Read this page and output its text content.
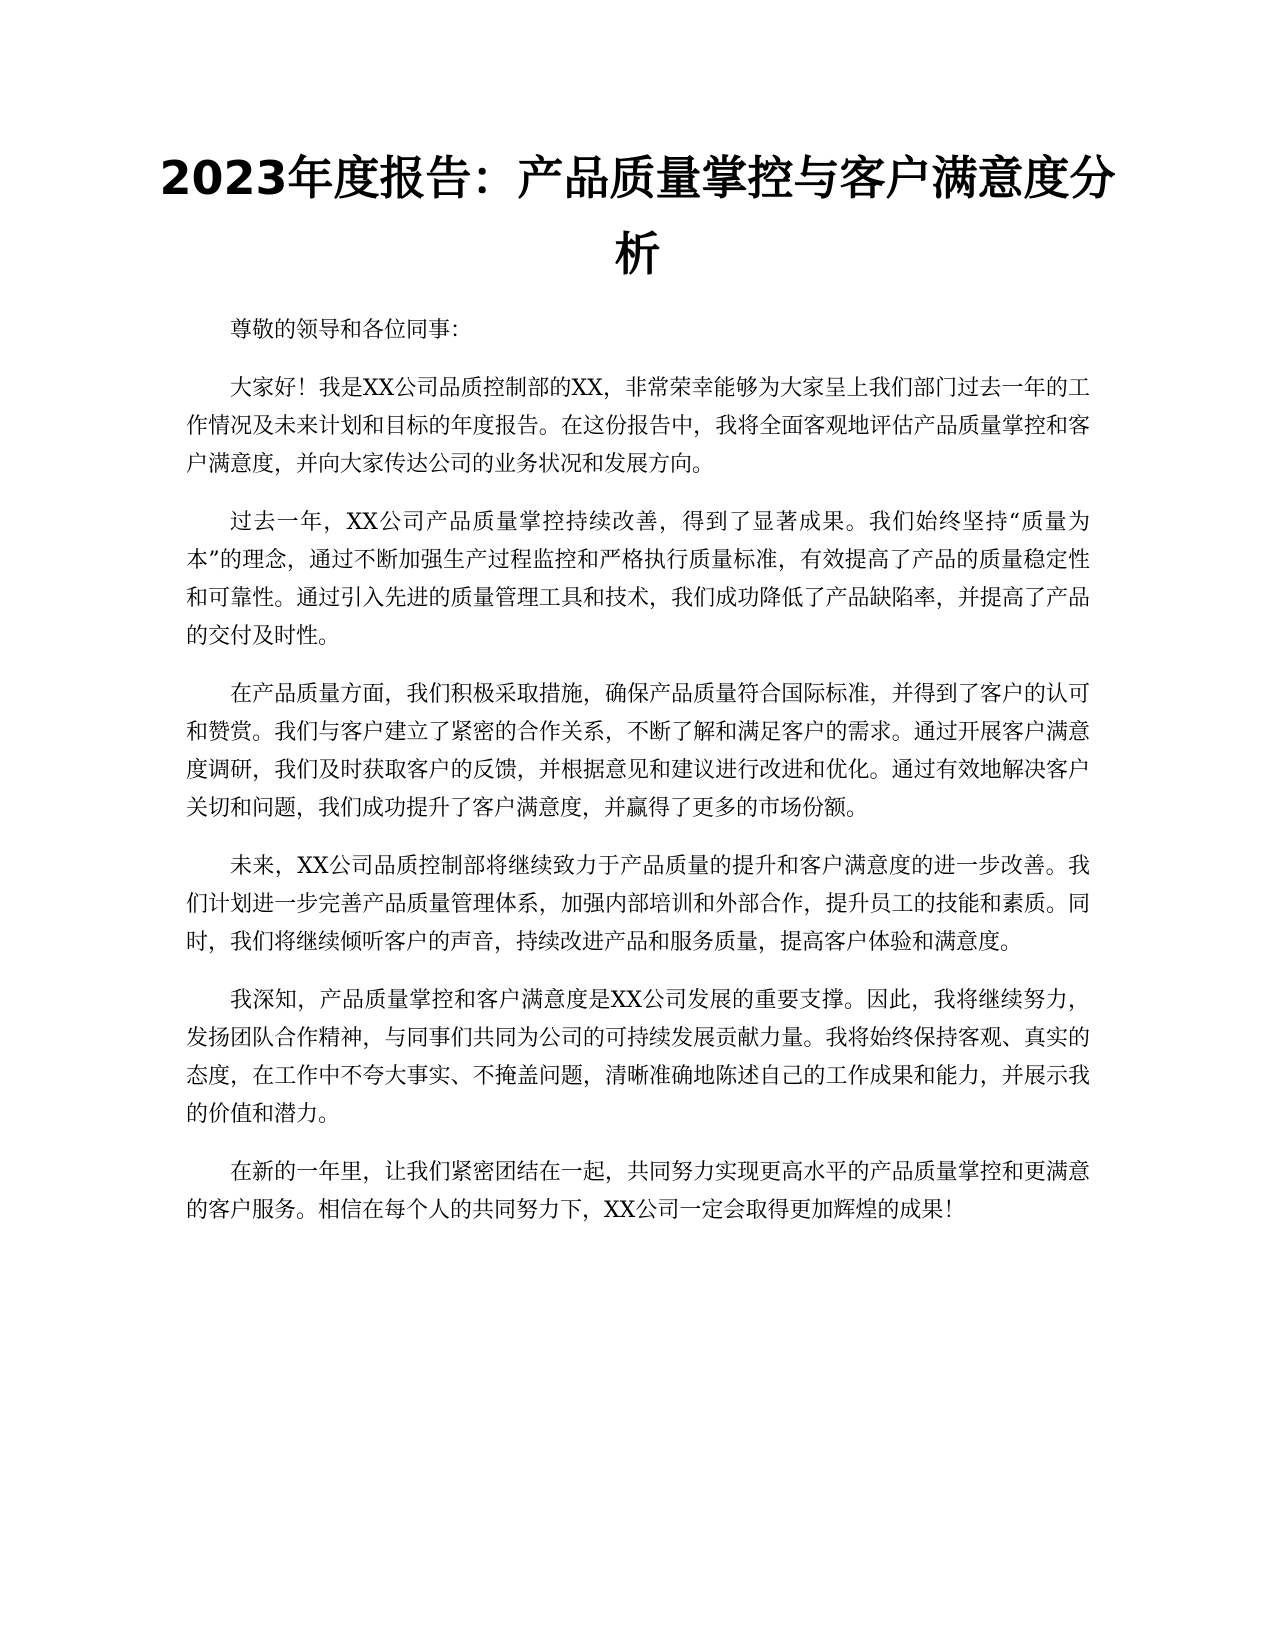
2023年度报告：产品质量掌控与客户满意度分析

尊敬的领导和各位同事：

大家好！我是XX公司品质控制部的XX，非常荣幸能够为大家呈上我们部门过去一年的工作情况及未来计划和目标的年度报告。在这份报告中，我将全面客观地评估产品质量掌控和客户满意度，并向大家传达公司的业务状况和发展方向。

过去一年，XX公司产品质量掌控持续改善，得到了显著成果。我们始终坚持“质量为本”的理念，通过不断加强生产过程监控和严格执行质量标准，有效提高了产品的质量稳定性和可靠性。通过引入先进的质量管理工具和技术，我们成功降低了产品缺陷率，并提高了产品的交付及时性。

在产品质量方面，我们积极采取措施，确保产品质量符合国际标准，并得到了客户的认可和赞赏。我们与客户建立了紧密的合作关系，不断了解和满足客户的需求。通过开展客户满意度调研，我们及时获取客户的反馈，并根据意见和建议进行改进和优化。通过有效地解决客户关切和问题，我们成功提升了客户满意度，并赢得了更多的市场份额。

未来，XX公司品质控制部将继续致力于产品质量的提升和客户满意度的进一步改善。我们计划进一步完善产品质量管理体系，加强内部培训和外部合作，提升员工的技能和素质。同时，我们将继续倾听客户的声音，持续改进产品和服务质量，提高客户体验和满意度。

我深知，产品质量掌控和客户满意度是XX公司发展的重要支撑。因此，我将继续努力，发扬团队合作精神，与同事们共同为公司的可持续发展贡献力量。我将始终保持客观、真实的态度，在工作中不夸大事实、不掩盖问题，清晰准确地陈述自己的工作成果和能力，并展示我的价值和潜力。

在新的一年里，让我们紧密团结在一起，共同努力实现更高水平的产品质量掌控和更满意的客户服务。相信在每个人的共同努力下，XX公司一定会取得更加辉煌的成果！
